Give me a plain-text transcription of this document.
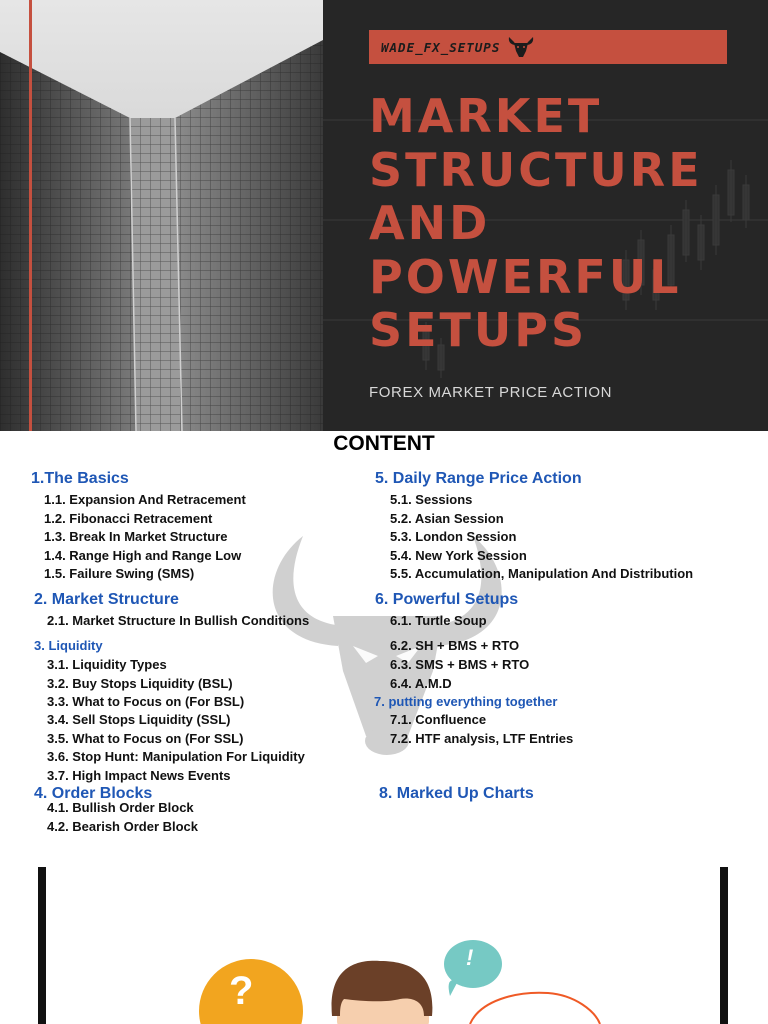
WADE_FX_SETUPS
MARKET
STRUCTURE
AND
POWERFUL
SETUPS
FOREX MARKET PRICE ACTION
CONTENT
1.The Basics
1.1. Expansion And Retracement
1.2. Fibonacci Retracement
1.3. Break In Market Structure
1.4. Range High and Range Low
1.5. Failure Swing (SMS)
2. Market Structure
2.1. Market Structure In Bullish Conditions
3. Liquidity
3.1. Liquidity Types
3.2. Buy Stops Liquidity (BSL)
3.3. What to Focus on (For BSL)
3.4. Sell Stops Liquidity (SSL)
3.5. What to Focus on (For SSL)
3.6. Stop Hunt: Manipulation For Liquidity
3.7. High Impact News Events
4. Order Blocks
4.1. Bullish Order Block
4.2. Bearish Order Block
5. Daily Range Price Action
5.1. Sessions
5.2. Asian Session
5.3. London Session
5.4. New York Session
5.5. Accumulation, Manipulation And Distribution
6. Powerful Setups
6.1. Turtle Soup
6.2. SH + BMS + RTO
6.3. SMS + BMS + RTO
6.4. A.M.D
7. putting everything together
7.1. Confluence
7.2. HTF analysis, LTF Entries
8. Marked Up Charts
?
!
